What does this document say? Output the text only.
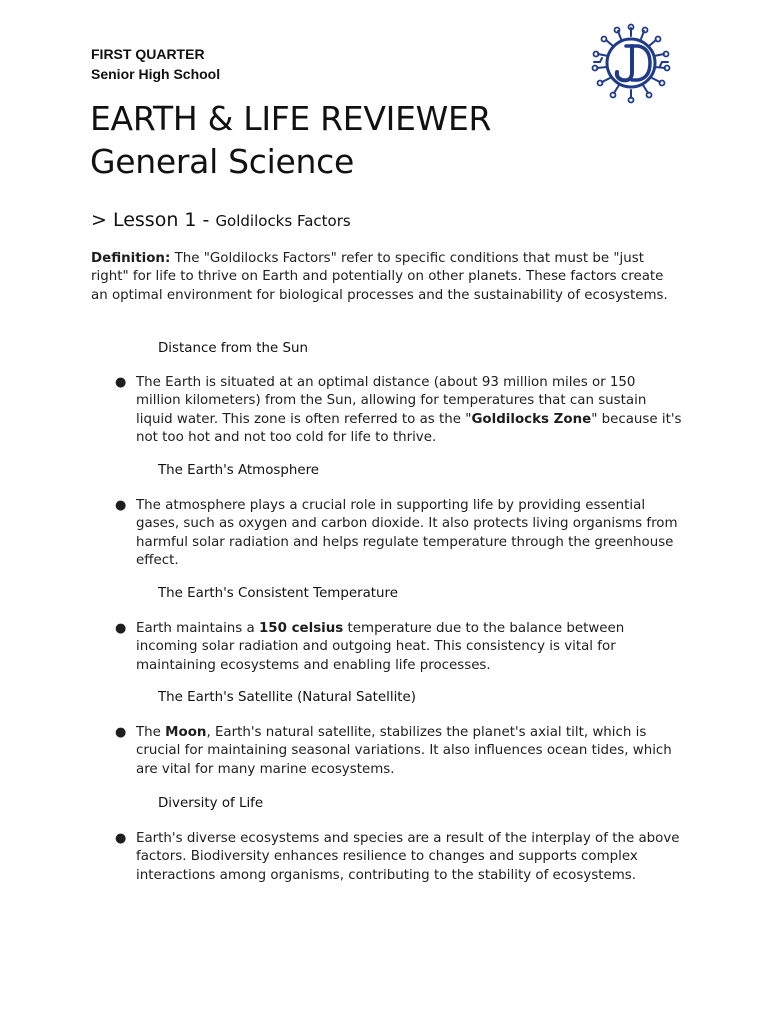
FIRST QUARTER
Senior High School
EARTH & LIFE REVIEWER
General Science
> Lesson 1 - Goldilocks Factors
Definition: The "Goldilocks Factors" refer to specific conditions that must be "just right" for life to thrive on Earth and potentially on other planets. These factors create an optimal environment for biological processes and the sustainability of ecosystems.
Distance from the Sun
● The Earth is situated at an optimal distance (about 93 million miles or 150 million kilometers) from the Sun, allowing for temperatures that can sustain liquid water. This zone is often referred to as the "Goldilocks Zone" because it's not too hot and not too cold for life to thrive.
The Earth's Atmosphere
● The atmosphere plays a crucial role in supporting life by providing essential gases, such as oxygen and carbon dioxide. It also protects living organisms from harmful solar radiation and helps regulate temperature through the greenhouse effect.
The Earth's Consistent Temperature
● Earth maintains a 150 celsius temperature due to the balance between incoming solar radiation and outgoing heat. This consistency is vital for maintaining ecosystems and enabling life processes.
The Earth's Satellite (Natural Satellite)
● The Moon, Earth's natural satellite, stabilizes the planet's axial tilt, which is crucial for maintaining seasonal variations. It also influences ocean tides, which are vital for many marine ecosystems.
Diversity of Life
● Earth's diverse ecosystems and species are a result of the interplay of the above factors. Biodiversity enhances resilience to changes and supports complex interactions among organisms, contributing to the stability of ecosystems.
